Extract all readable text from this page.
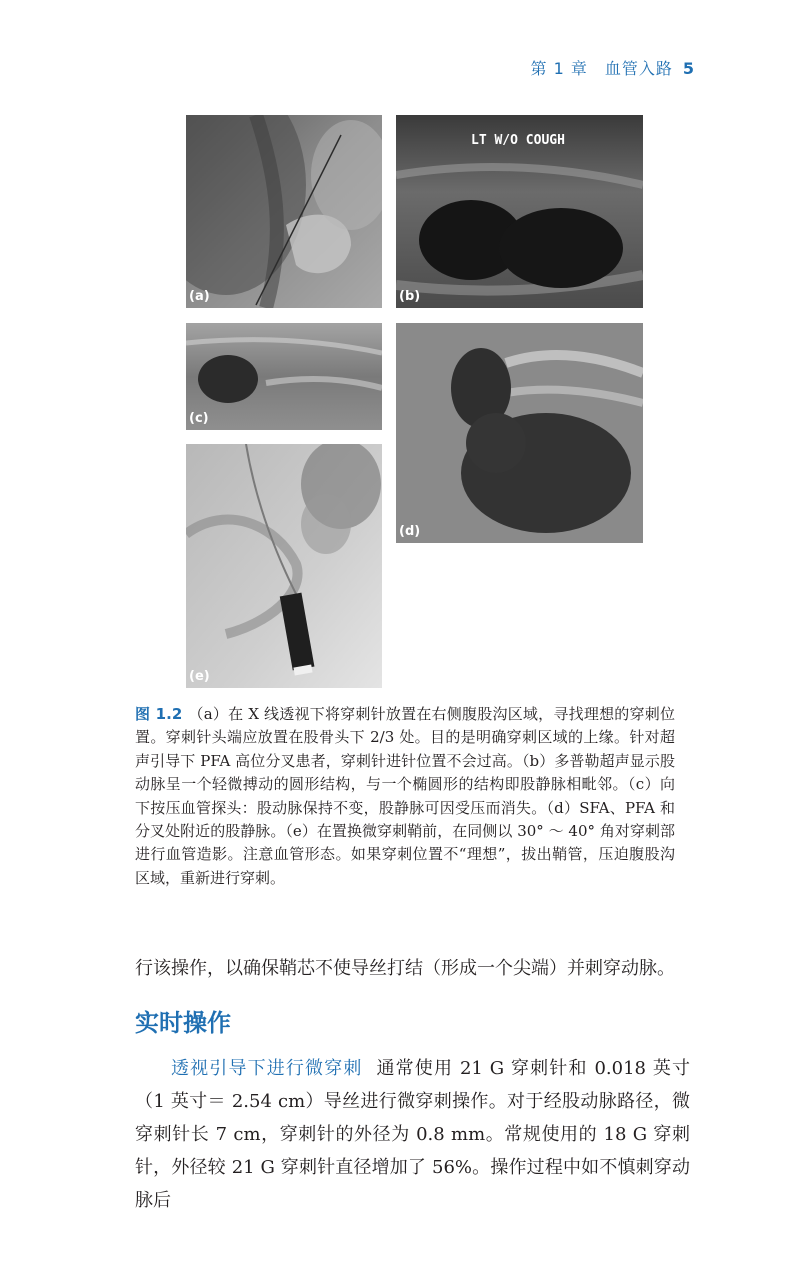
第 1 章　血管入路 5
(a)
LT W/O COUGH
(b)
(c)
(d)
(e)
图 1.2 （a）在 X 线透视下将穿刺针放置在右侧腹股沟区域，寻找理想的穿刺位置。穿刺针头端应放置在股骨头下 2/3 处。目的是明确穿刺区域的上缘。针对超声引导下 PFA 高位分叉患者，穿刺针进针位置不会过高。（b）多普勒超声显示股动脉呈一个轻微搏动的圆形结构，与一个椭圆形的结构即股静脉相毗邻。（c）向下按压血管探头：股动脉保持不变，股静脉可因受压而消失。（d）SFA、PFA 和分叉处附近的股静脉。（e）在置换微穿刺鞘前，在同侧以 30° ～ 40° 角对穿刺部进行血管造影。注意血管形态。如果穿刺位置不“理想”，拔出鞘管，压迫腹股沟区域，重新进行穿刺。
行该操作，以确保鞘芯不使导丝打结（形成一个尖端）并刺穿动脉。
实时操作
透视引导下进行微穿刺 通常使用 21 G 穿刺针和 0.018 英寸（1 英寸＝ 2.54 cm）导丝进行微穿刺操作。对于经股动脉路径，微穿刺针长 7 cm，穿刺针的外径为 0.8 mm。常规使用的 18 G 穿刺针，外径较 21 G 穿刺针直径增加了 56%。操作过程中如不慎刺穿动脉后
